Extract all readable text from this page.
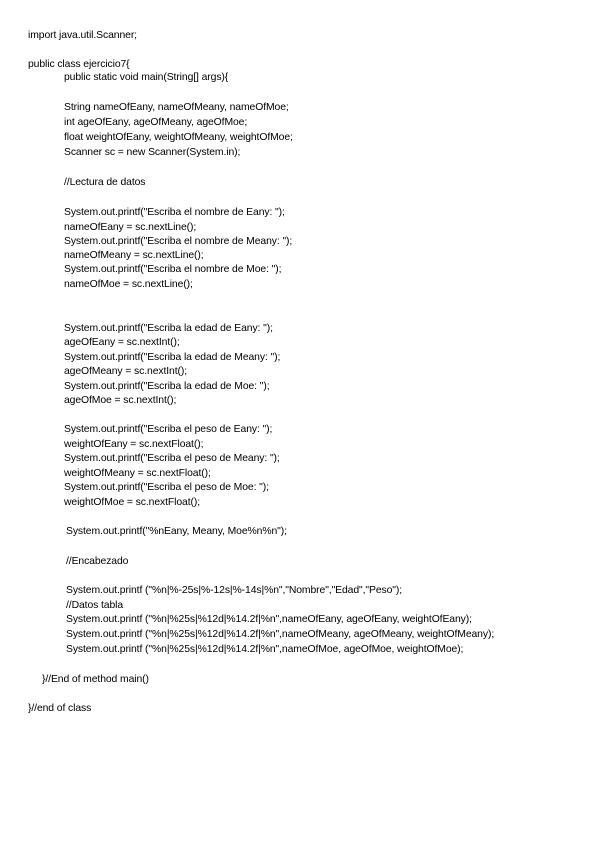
import java.util.Scanner;
public class ejercicio7{
public static void main(String[] args){
String nameOfEany, nameOfMeany, nameOfMoe;
int ageOfEany, ageOfMeany, ageOfMoe;
float weightOfEany, weightOfMeany, weightOfMoe;
Scanner sc = new Scanner(System.in);
//Lectura de datos
System.out.printf("Escriba el nombre de Eany: ");
nameOfEany = sc.nextLine();
System.out.printf("Escriba el nombre de Meany: ");
nameOfMeany = sc.nextLine();
System.out.printf("Escriba el nombre de Moe: ");
nameOfMoe = sc.nextLine();
System.out.printf("Escriba la edad de Eany: ");
ageOfEany = sc.nextInt();
System.out.printf("Escriba la edad de Meany: ");
ageOfMeany = sc.nextInt();
System.out.printf("Escriba la edad de Moe: ");
ageOfMoe = sc.nextInt();
System.out.printf("Escriba el peso de Eany: ");
weightOfEany = sc.nextFloat();
System.out.printf("Escriba el peso de Meany: ");
weightOfMeany = sc.nextFloat();
System.out.printf("Escriba el peso de Moe: ");
weightOfMoe = sc.nextFloat();
System.out.printf("%nEany, Meany, Moe%n%n");
//Encabezado
System.out.printf ("%n|%-25s|%-12s|%-14s|%n","Nombre","Edad","Peso");
//Datos tabla
System.out.printf ("%n|%25s|%12d|%14.2f|%n",nameOfEany, ageOfEany, weightOfEany);
System.out.printf ("%n|%25s|%12d|%14.2f|%n",nameOfMeany, ageOfMeany, weightOfMeany);
System.out.printf ("%n|%25s|%12d|%14.2f|%n",nameOfMoe, ageOfMoe, weightOfMoe);
}//End of method main()
}//end of class
